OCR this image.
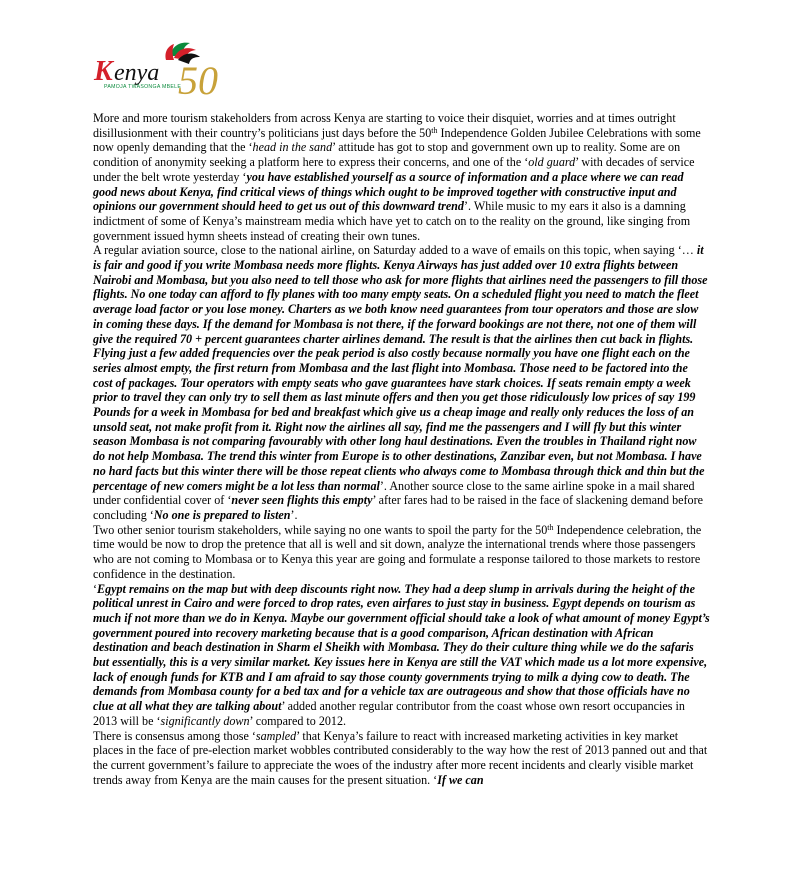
K enya 50
PAMOJA TWASONGA MBELE

More and more tourism stakeholders from across Kenya are starting to voice their disquiet, worries and at times outright disillusionment with their country’s politicians just days before the 50th Independence Golden Jubilee Celebrations with some now openly demanding that the ‘head in the sand’ attitude has got to stop and government own up to reality. Some are on condition of anonymity seeking a platform here to express their concerns, and one of the ‘old guard’ with decades of service under the belt wrote yesterday ‘you have established yourself as a source of information and a place where we can read good news about Kenya, find critical views of things which ought to be improved together with constructive input and opinions our government should heed to get us out of this downward trend’. While music to my ears it also is a damning indictment of some of Kenya’s mainstream media which have yet to catch on to the reality on the ground, like singing from government issued hymn sheets instead of creating their own tunes.

A regular aviation source, close to the national airline, on Saturday added to a wave of emails on this topic, when saying ‘… it is fair and good if you write Mombasa needs more flights. Kenya Airways has just added over 10 extra flights between Nairobi and Mombasa, but you also need to tell those who ask for more flights that airlines need the passengers to fill those flights. No one today can afford to fly planes with too many empty seats. On a scheduled flight you need to match the fleet average load factor or you lose money. Charters as we both know need guarantees from tour operators and those are slow in coming these days. If the demand for Mombasa is not there, if the forward bookings are not there, not one of them will give the required 70 + percent guarantees charter airlines demand. The result is that the airlines then cut back in flights. Flying just a few added frequencies over the peak period is also costly because normally you have one flight each on the series almost empty, the first return from Mombasa and the last flight into Mombasa. Those need to be factored into the cost of packages. Tour operators with empty seats who gave guarantees have stark choices. If seats remain empty a week prior to travel they can only try to sell them as last minute offers and then you get those ridiculously low prices of say 199 Pounds for a week in Mombasa for bed and breakfast which give us a cheap image and really only reduces the loss of an unsold seat, not make profit from it. Right now the airlines all say, find me the passengers and I will fly but this winter season Mombasa is not comparing favourably with other long haul destinations. Even the troubles in Thailand right now do not help Mombasa. The trend this winter from Europe is to other destinations, Zanzibar even, but not Mombasa. I have no hard facts but this winter there will be those repeat clients who always come to Mombasa through thick and thin but the percentage of new comers might be a lot less than normal’. Another source close to the same airline spoke in a mail shared under confidential cover of ‘never seen flights this empty’ after fares had to be raised in the face of slackening demand before concluding ‘No one is prepared to listen’.

Two other senior tourism stakeholders, while saying no one wants to spoil the party for the 50th Independence celebration, the time would be now to drop the pretence that all is well and sit down, analyze the international trends where those passengers who are not coming to Mombasa or to Kenya this year are going and formulate a response tailored to those markets to restore confidence in the destination.

‘Egypt remains on the map but with deep discounts right now. They had a deep slump in arrivals during the height of the political unrest in Cairo and were forced to drop rates, even airfares to just stay in business. Egypt depends on tourism as much if not more than we do in Kenya. Maybe our government official should take a look of what amount of money Egypt’s government poured into recovery marketing because that is a good comparison, African destination with African destination and beach destination in Sharm el Sheikh with Mombasa. They do their culture thing while we do the safaris but essentially, this is a very similar market. Key issues here in Kenya are still the VAT which made us a lot more expensive, lack of enough funds for KTB and I am afraid to say those county governments trying to milk a dying cow to death. The demands from Mombasa county for a bed tax and for a vehicle tax are outrageous and show that those officials have no clue at all what they are talking about’ added another regular contributor from the coast whose own resort occupancies in 2013 will be ‘significantly down’ compared to 2012.

There is consensus among those ‘sampled’ that Kenya’s failure to react with increased marketing activities in key market places in the face of pre-election market wobbles contributed considerably to the way how the rest of 2013 panned out and that the current government’s failure to appreciate the woes of the industry after more recent incidents and clearly visible market trends away from Kenya are the main causes for the present situation. ‘If we can
